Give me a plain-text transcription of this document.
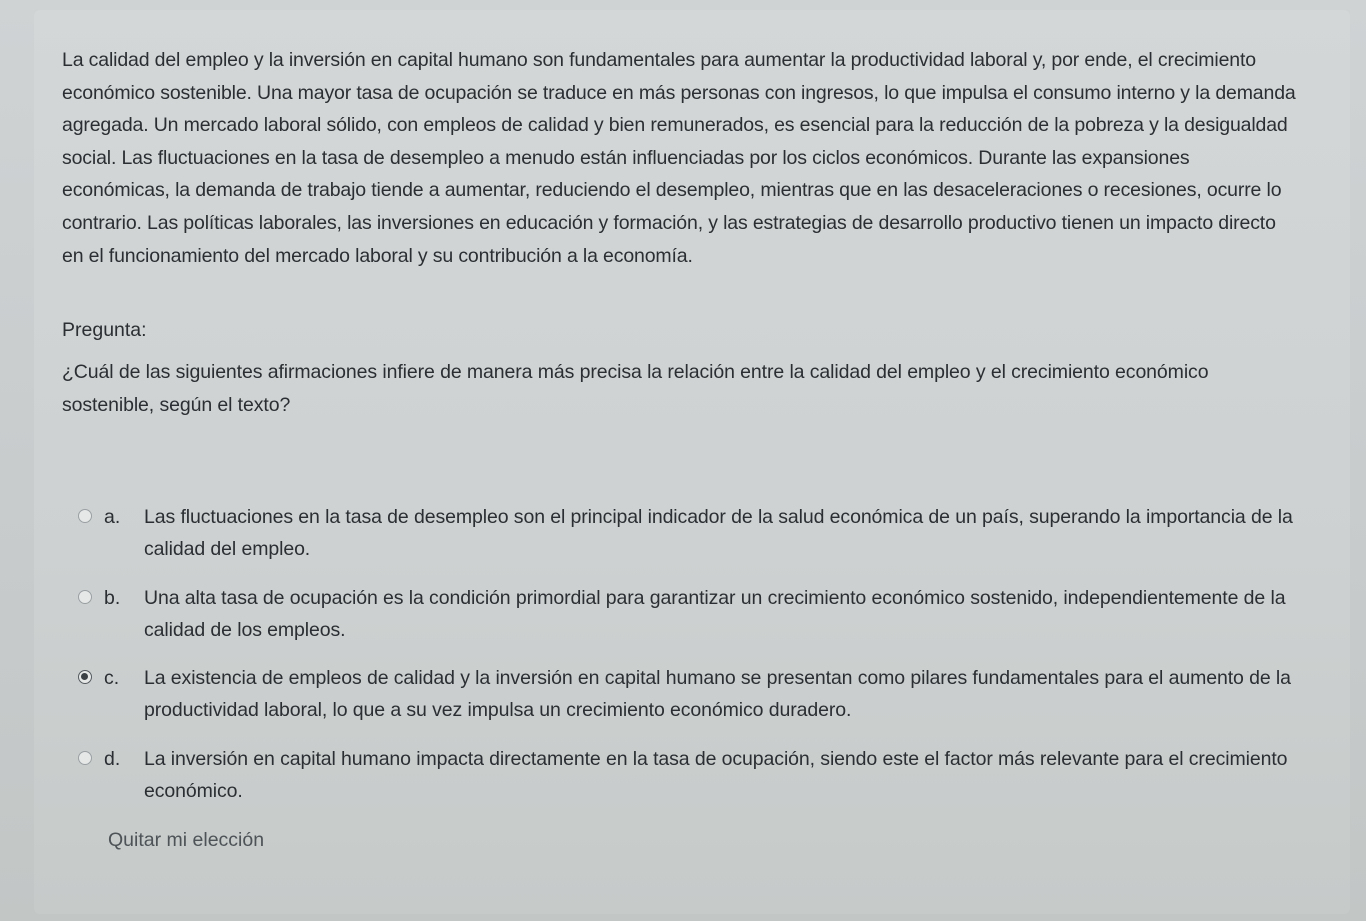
La calidad del empleo y la inversión en capital humano son fundamentales para aumentar la productividad laboral y, por ende, el crecimiento económico sostenible. Una mayor tasa de ocupación se traduce en más personas con ingresos, lo que impulsa el consumo interno y la demanda agregada. Un mercado laboral sólido, con empleos de calidad y bien remunerados, es esencial para la reducción de la pobreza y la desigualdad social. Las fluctuaciones en la tasa de desempleo a menudo están influenciadas por los ciclos económicos. Durante las expansiones económicas, la demanda de trabajo tiende a aumentar, reduciendo el desempleo, mientras que en las desaceleraciones o recesiones, ocurre lo contrario. Las políticas laborales, las inversiones en educación y formación, y las estrategias de desarrollo productivo tienen un impacto directo en el funcionamiento del mercado laboral y su contribución a la economía.

Pregunta:

¿Cuál de las siguientes afirmaciones infiere de manera más precisa la relación entre la calidad del empleo y el crecimiento económico sostenible, según el texto?

a. Las fluctuaciones en la tasa de desempleo son el principal indicador de la salud económica de un país, superando la importancia de la calidad del empleo.
b. Una alta tasa de ocupación es la condición primordial para garantizar un crecimiento económico sostenido, independientemente de la calidad de los empleos.
c. La existencia de empleos de calidad y la inversión en capital humano se presentan como pilares fundamentales para el aumento de la productividad laboral, lo que a su vez impulsa un crecimiento económico duradero.
d. La inversión en capital humano impacta directamente en la tasa de ocupación, siendo este el factor más relevante para el crecimiento económico.
Quitar mi elección
